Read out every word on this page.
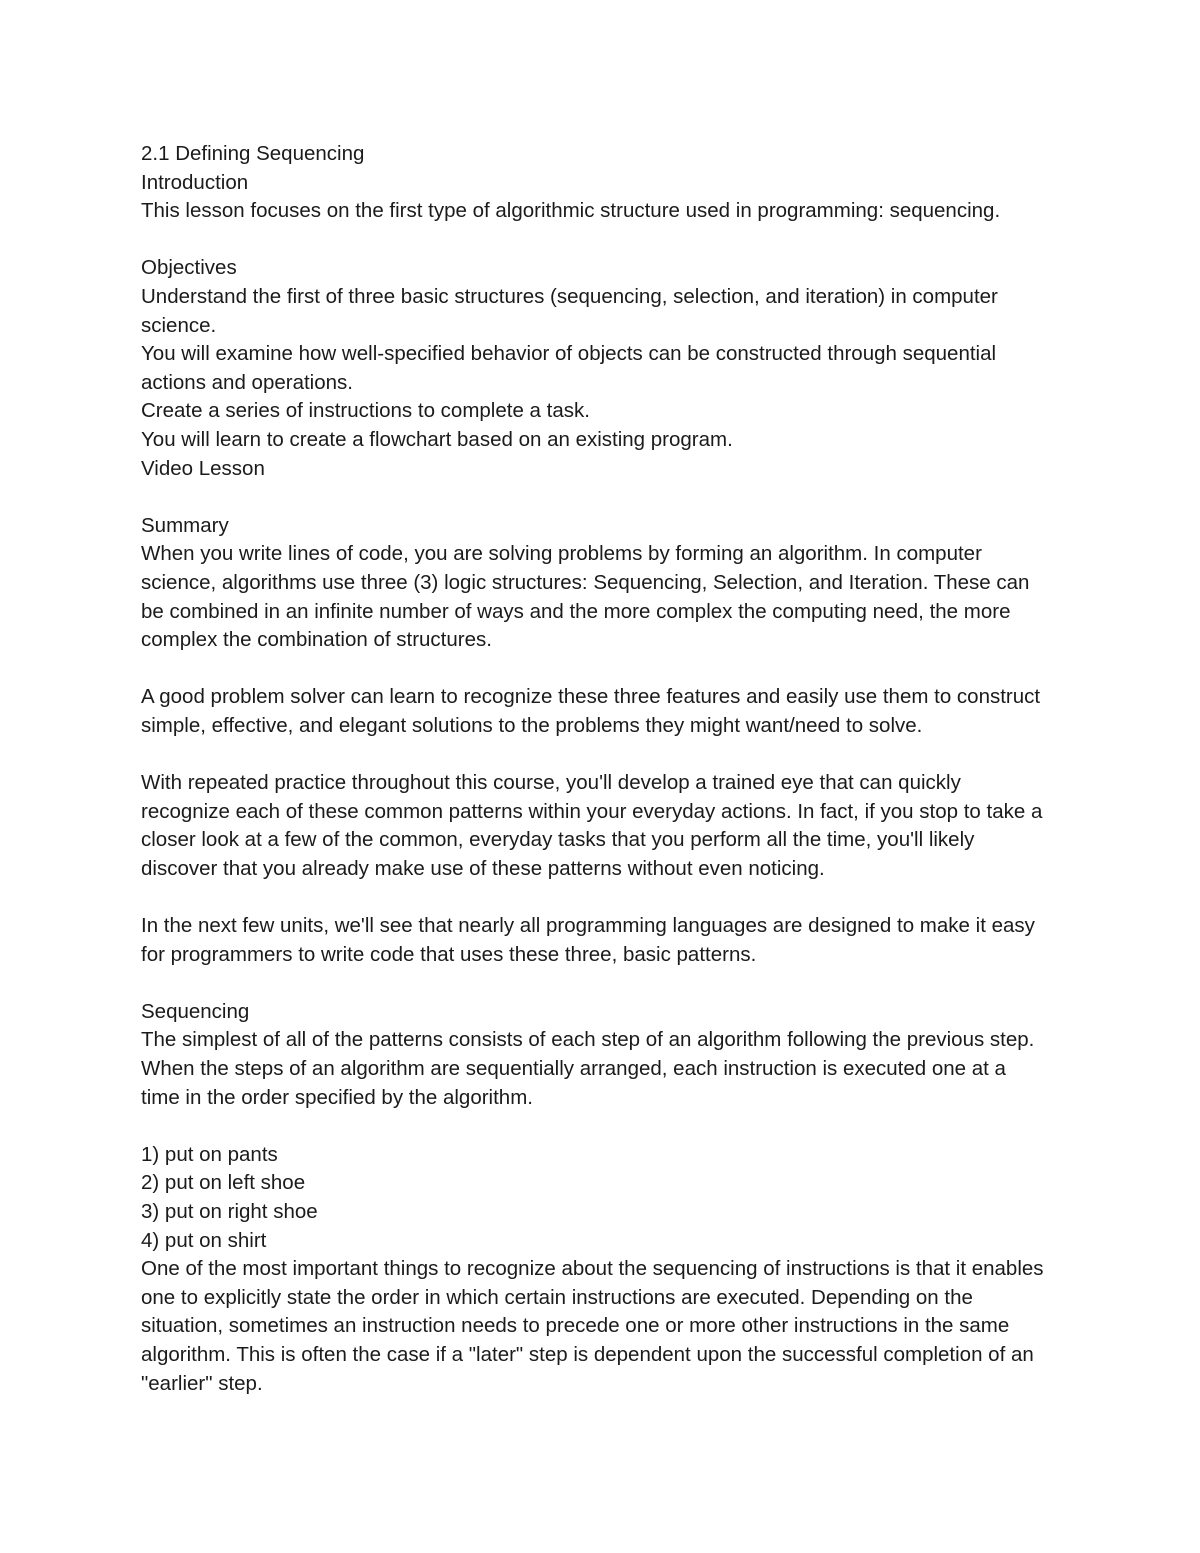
2.1 Defining Sequencing

Introduction

This lesson focuses on the first type of algorithmic structure used in programming: sequencing.

Objectives

Understand the first of three basic structures (sequencing, selection, and iteration) in computer science.

You will examine how well-specified behavior of objects can be constructed through sequential actions and operations.

Create a series of instructions to complete a task.

You will learn to create a flowchart based on an existing program.

Video Lesson

Summary

When you write lines of code, you are solving problems by forming an algorithm. In computer science, algorithms use three (3) logic structures: Sequencing, Selection, and Iteration. These can be combined in an infinite number of ways and the more complex the computing need, the more complex the combination of structures.

A good problem solver can learn to recognize these three features and easily use them to construct simple, effective, and elegant solutions to the problems they might want/need to solve.

With repeated practice throughout this course, you'll develop a trained eye that can quickly recognize each of these common patterns within your everyday actions. In fact, if you stop to take a closer look at a few of the common, everyday tasks that you perform all the time, you'll likely discover that you already make use of these patterns without even noticing.

In the next few units, we'll see that nearly all programming languages are designed to make it easy for programmers to write code that uses these three, basic patterns.

Sequencing

The simplest of all of the patterns consists of each step of an algorithm following the previous step. When the steps of an algorithm are sequentially arranged, each instruction is executed one at a time in the order specified by the algorithm.

1) put on pants

2) put on left shoe

3) put on right shoe

4) put on shirt

One of the most important things to recognize about the sequencing of instructions is that it enables one to explicitly state the order in which certain instructions are executed. Depending on the situation, sometimes an instruction needs to precede one or more other instructions in the same algorithm. This is often the case if a "later" step is dependent upon the successful completion of an "earlier" step.
